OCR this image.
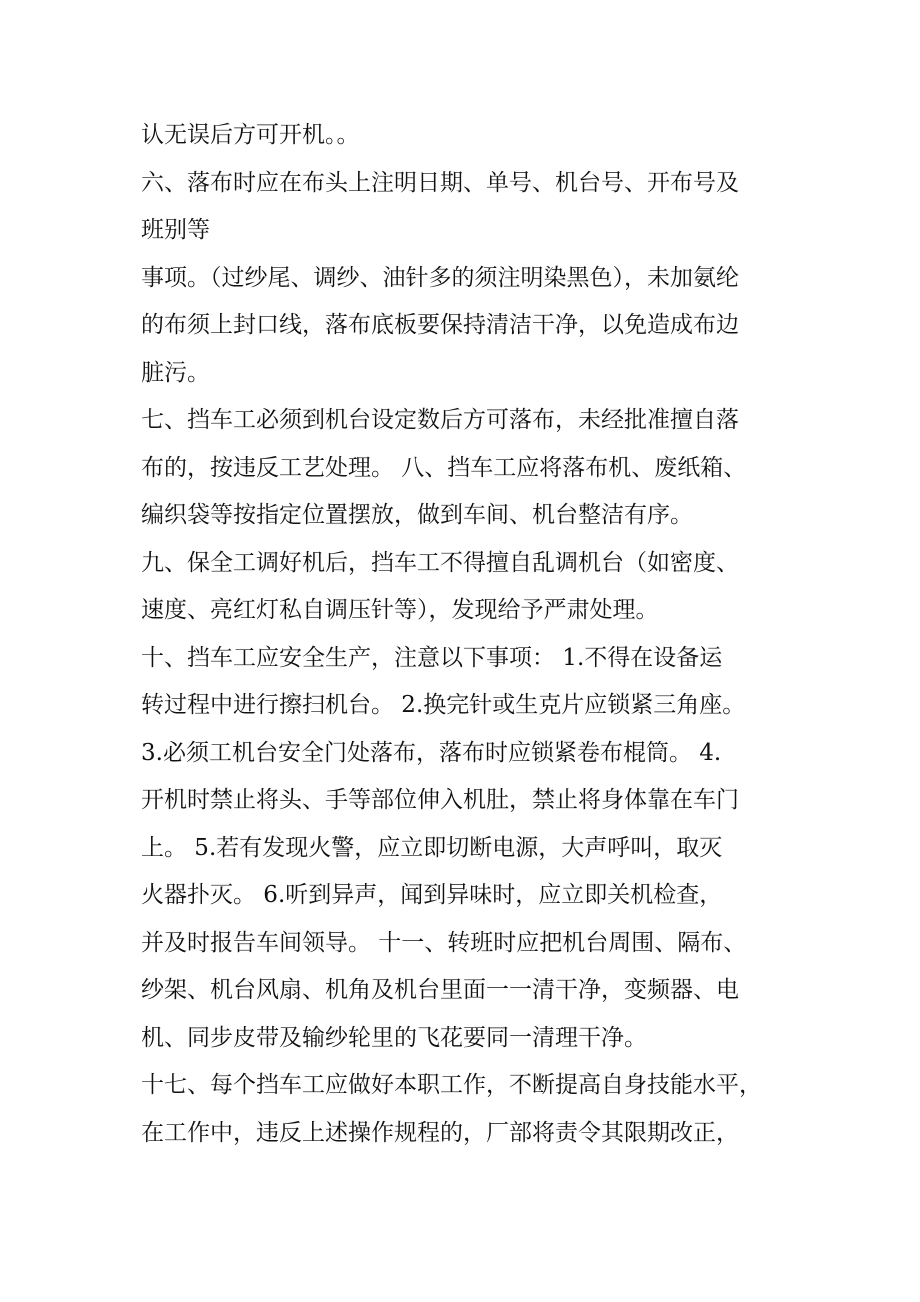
认无误后方可开机。。
六、落布时应在布头上注明日期、单号、机台号、开布号及
班别等
事项。（过纱尾、调纱、油针多的须注明染黑色），未加氨纶
的布须上封口线，落布底板要保持清洁干净，以免造成布边
脏污。
七、挡车工必须到机台设定数后方可落布，未经批准擅自落
布的，按违反工艺处理。 八、挡车工应将落布机、废纸箱、
编织袋等按指定位置摆放，做到车间、机台整洁有序。
九、保全工调好机后，挡车工不得擅自乱调机台（如密度、
速度、亮红灯私自调压针等），发现给予严肃处理。
十、挡车工应安全生产，注意以下事项： 1.不得在设备运
转过程中进行擦扫机台。 2.换完针或生克片应锁紧三角座。
3.必须工机台安全门处落布，落布时应锁紧卷布棍筒。 4.
开机时禁止将头、手等部位伸入机肚，禁止将身体靠在车门
上。 5.若有发现火警，应立即切断电源，大声呼叫，取灭
火器扑灭。 6.听到异声，闻到异味时，应立即关机检查，
并及时报告车间领导。 十一、转班时应把机台周围、隔布、
纱架、机台风扇、机角及机台里面一一清干净，变频器、电
机、同步皮带及输纱轮里的飞花要同一清理干净。
十七、每个挡车工应做好本职工作，不断提高自身技能水平，
在工作中，违反上述操作规程的，厂部将责令其限期改正，
